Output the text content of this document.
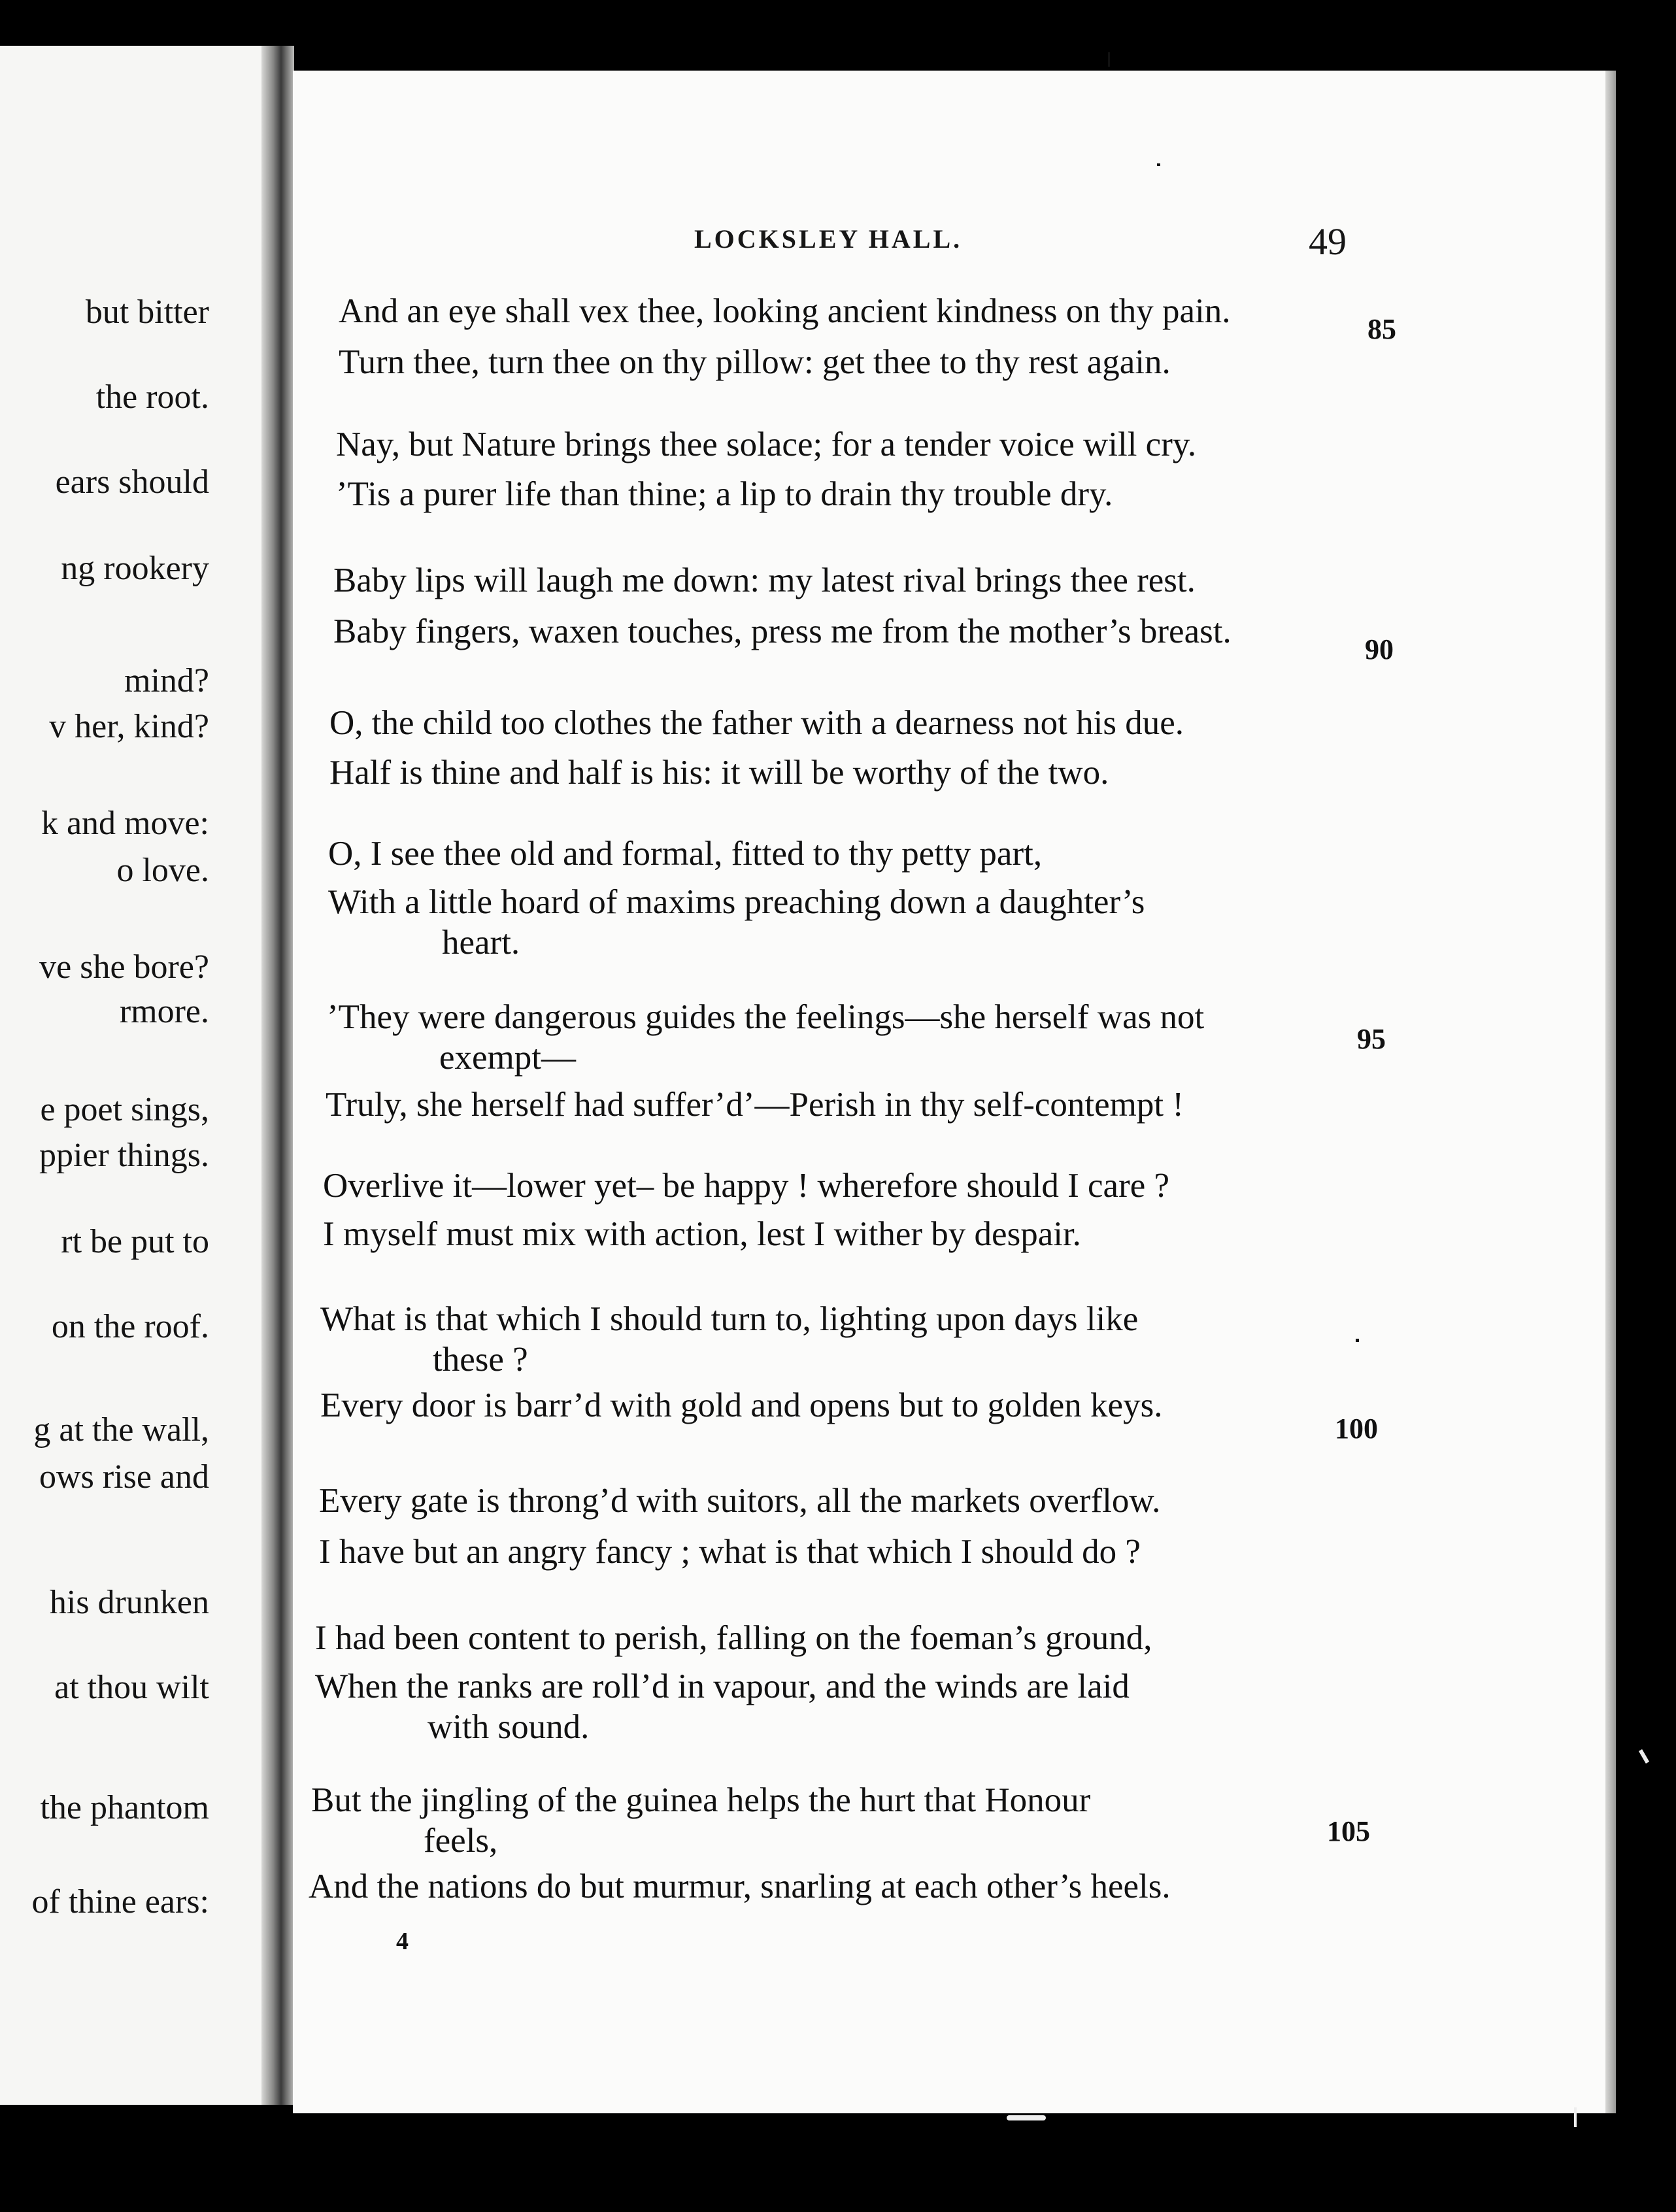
but bitter
the root.
ears should
ng rookery
mind?
v her, kind?
k and move:
o love.
ve she bore?
rmore.
e poet sings,
ppier things.
rt be put to
on the roof.
g at the wall,
ows rise and
his drunken
at thou wilt
the phantom
of thine ears:
LOCKSLEY HALL.	49
And an eye shall vex thee, looking ancient kindness on thy pain.	85
Turn thee, turn thee on thy pillow: get thee to thy rest again.
Nay, but Nature brings thee solace; for a tender voice will cry.
’Tis a purer life than thine; a lip to drain thy trouble dry.
Baby lips will laugh me down: my latest rival brings thee rest.
Baby fingers, waxen touches, press me from the mother’s breast.	90
O, the child too clothes the father with a dearness not his due.
Half is thine and half is his: it will be worthy of the two.
O, I see thee old and formal, fitted to thy petty part,
With a little hoard of maxims preaching down a daughter’s
heart.
’They were dangerous guides the feelings—she herself was not
exempt—	95
Truly, she herself had suffer’d’—Perish in thy self-contempt !
Overlive it—lower yet– be happy ! wherefore should I care ?
I myself must mix with action, lest I wither by despair.
What is that which I should turn to, lighting upon days like
these ?
Every door is barr’d with gold and opens but to golden keys.
100
Every gate is throng’d with suitors, all the markets overflow.
I have but an angry fancy ; what is that which I should do ?
I had been content to perish, falling on the foeman’s ground,
When the ranks are roll’d in vapour, and the winds are laid
with sound.
But the jingling of the guinea helps the hurt that Honour
feels,	105
And the nations do but murmur, snarling at each other’s heels.
4
